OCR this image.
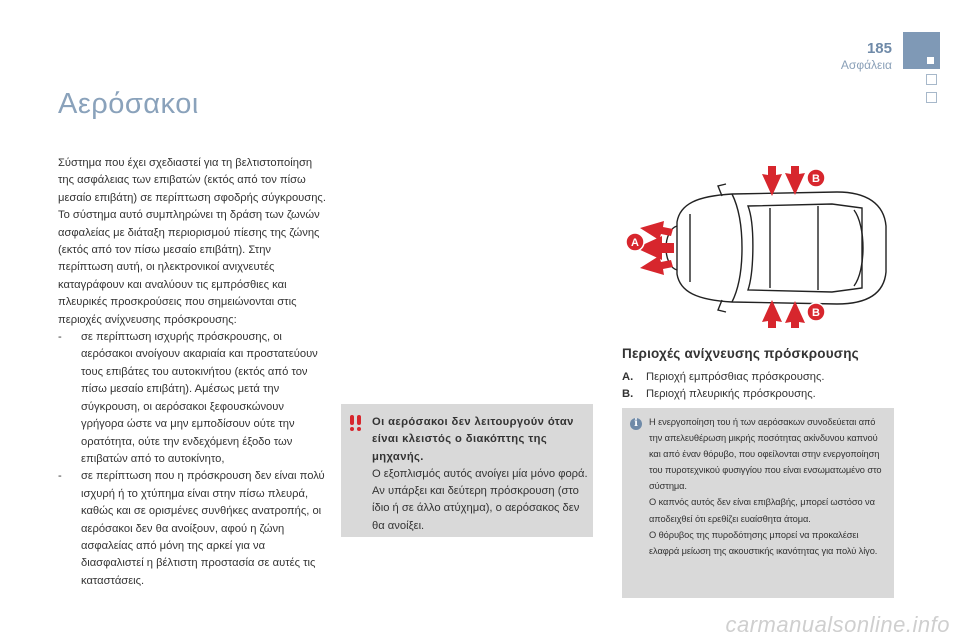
185
Ασφάλεια
Αερόσακοι

Σύστημα που έχει σχεδιαστεί για τη βελτιστοποίηση της ασφάλειας των επιβατών (εκτός από τον πίσω μεσαίο επιβάτη) σε περίπτωση σφοδρής σύγκρουσης. Το σύστημα αυτό συμπληρώνει τη δράση των ζωνών ασφαλείας με διάταξη περιορισμού πίεσης της ζώνης (εκτός από τον πίσω μεσαίο επιβάτη). Στην περίπτωση αυτή, οι ηλεκτρονικοί ανιχνευτές καταγράφουν και αναλύουν τις εμπρόσθιες και πλευρικές προσκρούσεις που σημειώνονται στις περιοχές ανίχνευσης πρόσκρουσης:

- σε περίπτωση ισχυρής πρόσκρουσης, οι αερόσακοι ανοίγουν ακαριαία και προστατεύουν τους επιβάτες του αυτοκινήτου (εκτός από τον πίσω μεσαίο επιβάτη). Αμέσως μετά την σύγκρουση, οι αερόσακοι ξεφουσκώνουν γρήγορα ώστε να μην εμποδίσουν ούτε την ορατότητα, ούτε την ενδεχόμενη έξοδο των επιβατών από το αυτοκίνητο,
- σε περίπτωση που η πρόσκρουση δεν είναι πολύ ισχυρή ή το χτύπημα είναι στην πίσω πλευρά, καθώς και σε ορισμένες συνθήκες ανατροπής, οι αερόσακοι δεν θα ανοίξουν, αφού η ζώνη ασφαλείας από μόνη της αρκεί για να διασφαλιστεί η βέλτιστη προστασία σε αυτές τις καταστάσεις.
Οι αερόσακοι δεν λειτουργούν όταν είναι κλειστός ο διακόπτης της μηχανής.
Ο εξοπλισμός αυτός ανοίγει μία μόνο φορά. Αν υπάρξει και δεύτερη πρόσκρουση (στο ίδιο ή σε άλλο ατύχημα), ο αερόσακος δεν θα ανοίξει.
A
B
B
Περιοχές ανίχνευσης πρόσκρουσης
A. Περιοχή εμπρόσθιας πρόσκρουσης.
B. Περιοχή πλευρικής πρόσκρουσης.
i	Η ενεργοποίηση του ή των αερόσακων συνοδεύεται από την απελευθέρωση μικρής ποσότητας ακίνδυνου καπνού και από έναν θόρυβο, που οφείλονται στην ενεργοποίηση του πυροτεχνικού φυσιγγίου που είναι ενσωματωμένο στο σύστημα.

Ο καπνός αυτός δεν είναι επιβλαβής, μπορεί ωστόσο να αποδειχθεί ότι ερεθίζει ευαίσθητα άτομα.

Ο θόρυβος της πυροδότησης μπορεί να προκαλέσει ελαφρά μείωση της ακουστικής ικανότητας για πολύ λίγο.

carmanualsonline.info
